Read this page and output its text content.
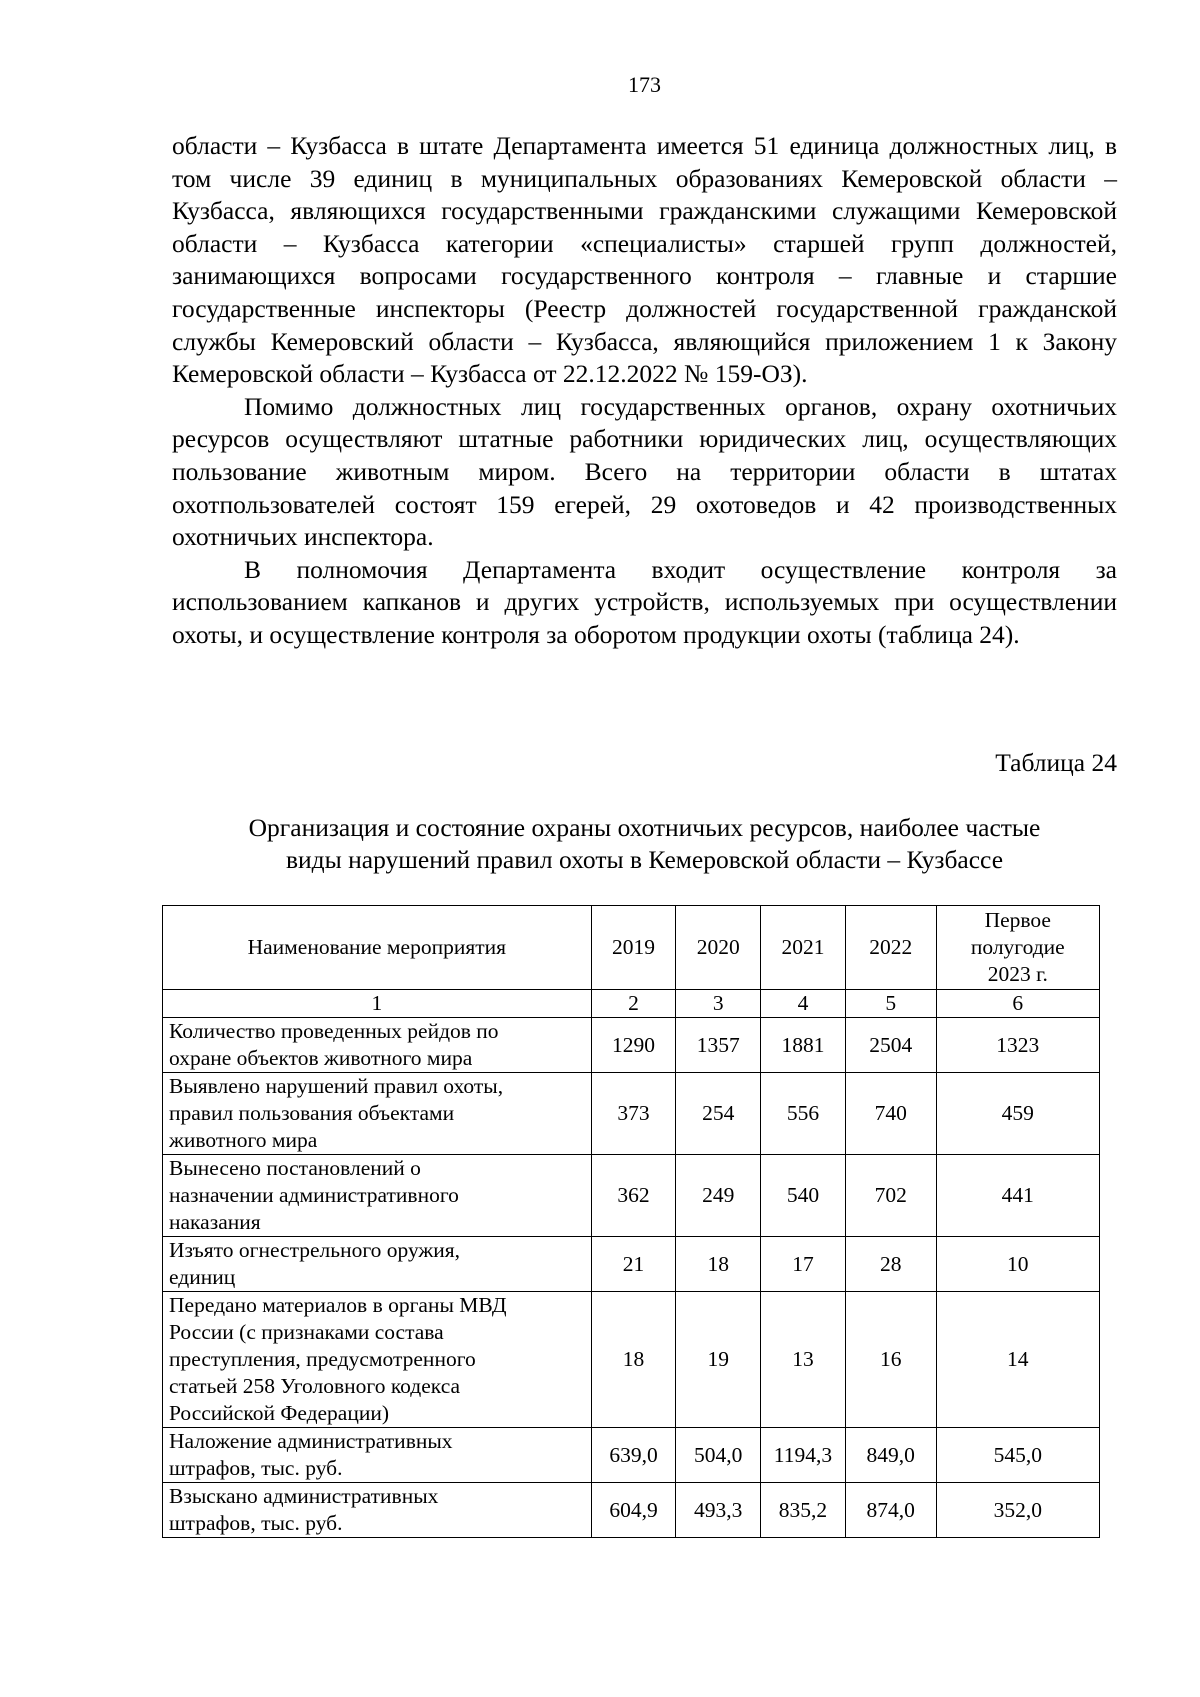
173

области – Кузбасса в штате Департамента имеется 51 единица должностных лиц, в том числе 39 единиц в муниципальных образованиях Кемеровской области – Кузбасса, являющихся государственными гражданскими служащими Кемеровской области – Кузбасса категории «специалисты» старшей групп должностей, занимающихся вопросами государственного контроля – главные и старшие государственные инспекторы (Реестр должностей государственной гражданской службы Кемеровский области – Кузбасса, являющийся приложением 1 к Закону Кемеровской области – Кузбасса от 22.12.2022 № 159-ОЗ).

Помимо должностных лиц государственных органов, охрану охотничьих ресурсов осуществляют штатные работники юридических лиц, осуществляющих пользование животным миром. Всего на территории области в штатах охотпользователей состоят 159 егерей, 29 охотоведов и 42 производственных охотничьих инспектора.

В полномочия Департамента входит осуществление контроля за использованием капканов и других устройств, используемых при осуществлении охоты, и осуществление контроля за оборотом продукции охоты (таблица 24).

Таблица 24
Организация и состояние охраны охотничьих ресурсов, наиболее частые
виды нарушений правил охоты в Кемеровской области – Кузбассе
Наименование мероприятия	2019	2020	2021	2022	Первое
полугодие
2023 г.

1	2	3	4	5	6

Количество проведенных рейдов по
охране объектов животного мира	1290	1357	1881	2504	1323

Выявлено нарушений правил охоты,
правил пользования объектами
животного мира	373	254	556	740	459

Вынесено постановлений о
назначении административного
наказания	362	249	540	702	441

Изъято огнестрельного оружия,
единиц	21	18	17	28	10

Передано материалов в органы МВД
России (с признаками состава
преступления, предусмотренного
статьей 258 Уголовного кодекса
Российской Федерации)	18	19	13	16	14

Наложение административных
штрафов, тыс. руб.	639,0	504,0	1194,3	849,0	545,0

Взыскано административных
штрафов, тыс. руб.	604,9	493,3	835,2	874,0	352,0
